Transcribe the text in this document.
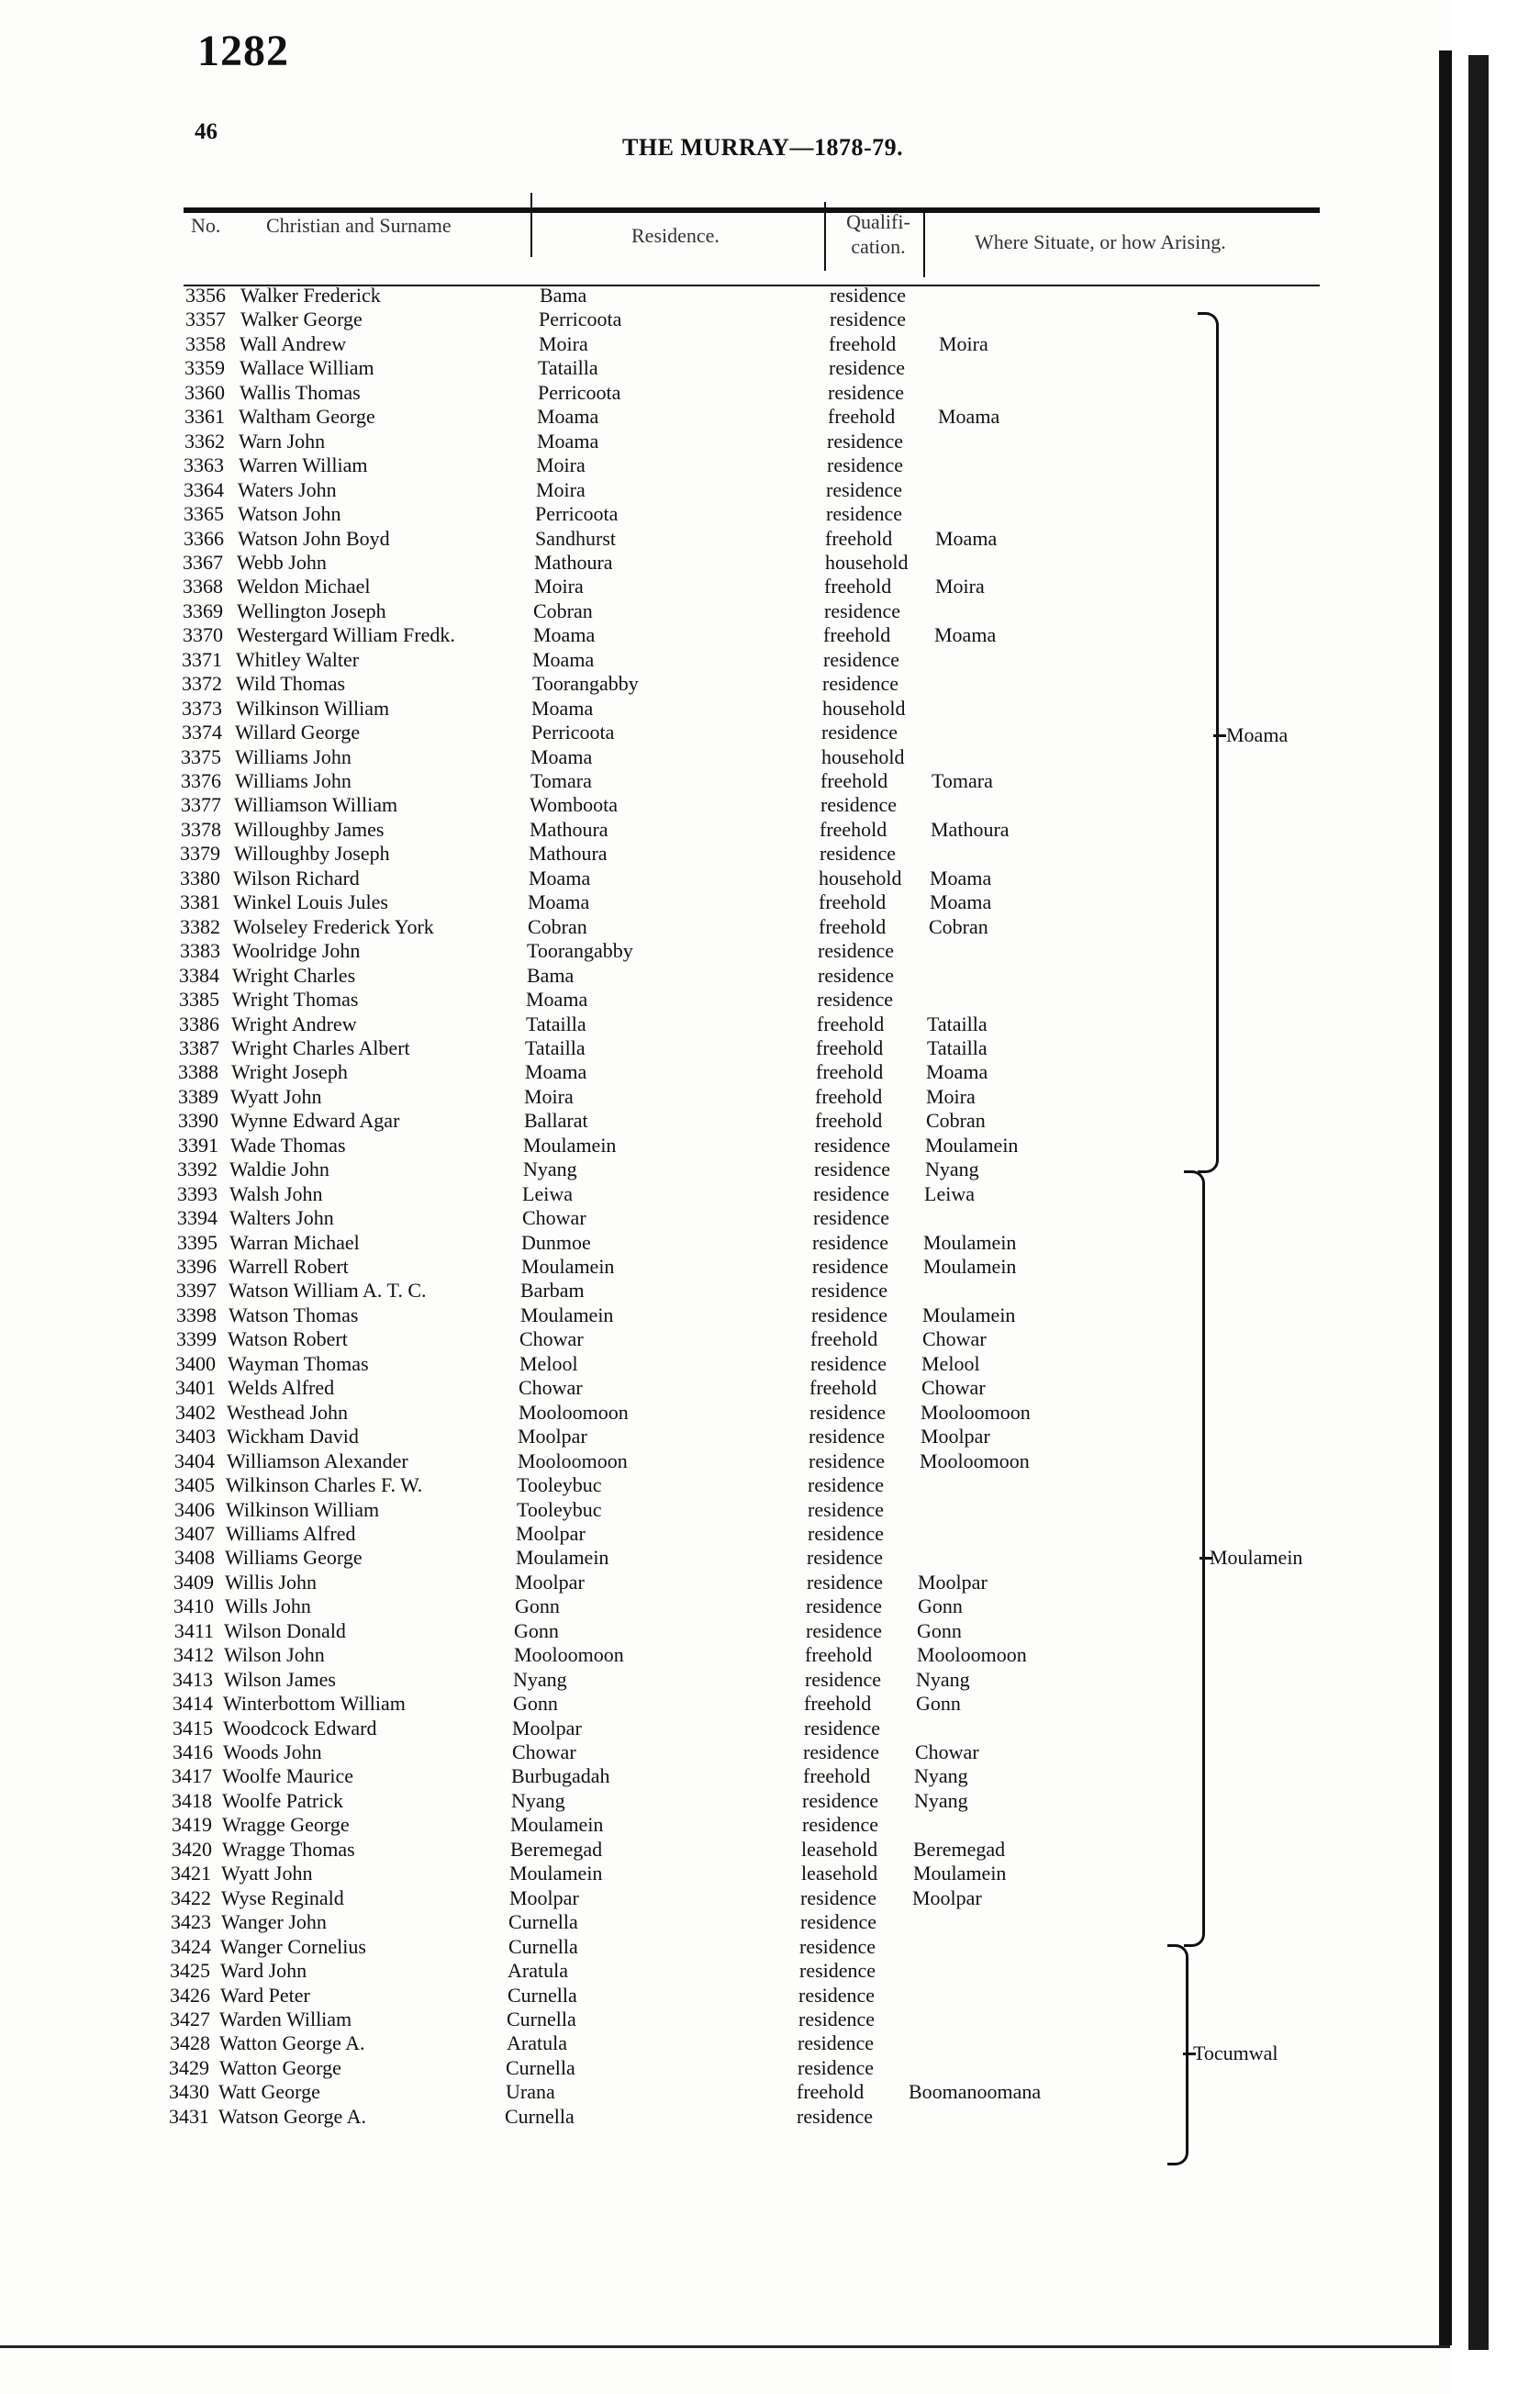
1282
46
THE MURRAY—1878-79.
No. Christian and Surname	Residence.
Qualifi- cation.	Where Situate, or how Arising.
3356 Walker Frederick	Bama	residence
3357 Walker George	Perricoota	residence
3358 Wall Andrew	Moira	freehold Moira
3359 Wallace William	Tatailla	residence
3360 Wallis Thomas	Perricoota	residence
3361 Waltham George	Moama	freehold Moama
3362 Warn John	Moama	residence
3363 Warren William	Moira	residence
3364 Waters John	Moira	residence
3365 Watson John	Perricoota	residence
3366 Watson John Boyd	Sandhurst	freehold Moama
3367 Webb John	Mathoura	household
3368 Weldon Michael	Moira	freehold Moira
3369 Wellington Joseph	Cobran	residence
3370 Westergard William Fredk.	Moama	freehold Moama
3371 Whitley Walter	Moama	residence
3372 Wild Thomas	Toorangabby	residence
3373 Wilkinson William	Moama	household
3374 Willard George	Perricoota	residence
3375 Williams John	Moama	household
3376 Williams John	Tomara	freehold Tomara
3377 Williamson William	Wombootа	residence
3378 Willoughby James	Mathoura	freehold Mathoura
3379 Willoughby Joseph	Mathoura	residence
3380 Wilson Richard	Moama	household Moama
3381 Winkel Louis Jules	Moama	freehold Moama
3382 Wolseley Frederick York	Cobran	freehold Cobran
3383 Woolridge John	Toorangabby	residence
3384 Wright Charles	Bama	residence
3385 Wright Thomas	Moama	residence
3386 Wright Andrew	Tatailla	freehold Tatailla
3387 Wright Charles Albert	Tatailla	freehold Tatailla
3388 Wright Joseph	Moama	freehold Moama
3389 Wyatt John	Moira	freehold Moira
3390 Wynne Edward Agar	Ballarat	freehold Cobran
3391 Wade Thomas	Moulamein	residence Moulamein
3392 Waldie John	Nyang	residence Nyang
3393 Walsh John	Leiwa	residence Leiwa
3394 Walters John	Chowar	residence
3395 Warran Michael	Dunmoe	residence Moulamein
3396 Warrell Robert	Moulamein	residence Moulamein
3397 Watson William A. T. C.	Barbam	residence
3398 Watson Thomas	Moulamein	residence Moulamein
3399 Watson Robert	Chowar	freehold Chowar
3400 Wayman Thomas	Melool	residence Melool
3401 Welds Alfred	Chowar	freehold Chowar
3402 Westhead John	Mooloomoon	residence Mooloomoon
3403 Wickham David	Moolpar	residence Moolpar
3404 Williamson Alexander	Mooloomoon	residence Mooloomoon
3405 Wilkinson Charles F. W.	Tooleybuc	residence
3406 Wilkinson William	Tooleybuc	residence
3407 Williams Alfred	Moolpar	residence
3408 Williams George	Moulamein	residence
3409 Willis John	Moolpar	residence Moolpar
3410 Wills John	Gonn	residence Gonn
3411 Wilson Donald	Gonn	residence Gonn
3412 Wilson John	Mooloomoon	freehold Mooloomoon
3413 Wilson James	Nyang	residence Nyang
3414 Winterbottom William	Gonn	freehold Gonn
3415 Woodcock Edward	Moolpar	residence
3416 Woods John	Chowar	residence Chowar
3417 Woolfe Maurice	Burbugadah	freehold Nyang
3418 Woolfe Patrick	Nyang	residence Nyang
3419 Wragge George	Moulamein	residence
3420 Wragge Thomas	Beremegad	leasehold Beremegad
3421 Wyatt John	Moulamein	leasehold Moulamein
3422 Wyse Reginald	Moolpar	residence Moolpar
3423 Wanger John	Curnella	residence
3424 Wanger Cornelius	Curnella	residence
3425 Ward John	Aratula	residence
3426 Ward Peter	Curnella	residence
3427 Warden William	Curnella	residence
3428 Watton George A.	Aratula	residence
3429 Watton George	Curnella	residence
3430 Watt George	Urana	freehold Boomanoomana
3431 Watson George A.	Curnella	residence
Moama
Moulamein
Tocumwal
